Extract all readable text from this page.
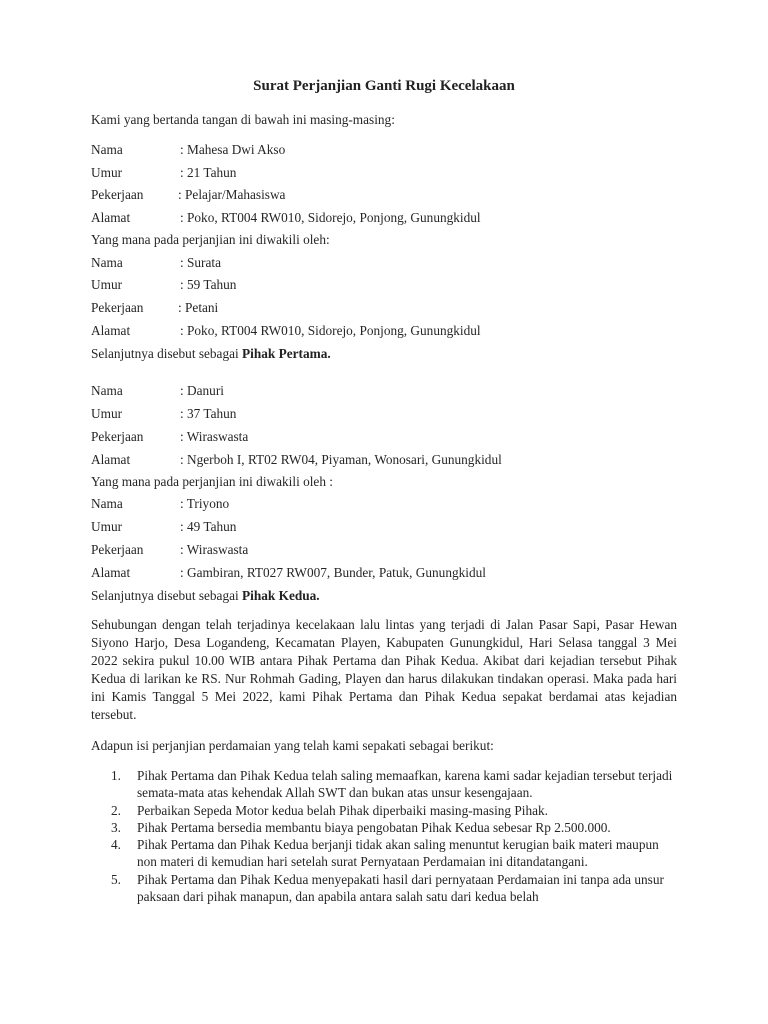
Surat Perjanjian Ganti Rugi Kecelakaan
Kami yang bertanda tangan di bawah ini masing-masing:
Nama	: Mahesa Dwi Akso
Umur	: 21 Tahun
Pekerjaan	: Pelajar/Mahasiswa
Alamat	: Poko, RT004 RW010, Sidorejo, Ponjong, Gunungkidul
Yang mana pada perjanjian ini diwakili oleh:
Nama	: Surata
Umur	: 59 Tahun
Pekerjaan	: Petani
Alamat	: Poko, RT004 RW010, Sidorejo, Ponjong, Gunungkidul
Selanjutnya disebut sebagai Pihak Pertama.
Nama	: Danuri
Umur	: 37 Tahun
Pekerjaan	: Wiraswasta
Alamat	: Ngerboh I, RT02 RW04, Piyaman, Wonosari, Gunungkidul
Yang mana pada perjanjian ini diwakili oleh :
Nama	: Triyono
Umur	: 49 Tahun
Pekerjaan	: Wiraswasta
Alamat	: Gambiran, RT027 RW007, Bunder, Patuk, Gunungkidul
Selanjutnya disebut sebagai Pihak Kedua.
Sehubungan dengan telah terjadinya kecelakaan lalu lintas yang terjadi di Jalan Pasar Sapi, Pasar Hewan Siyono Harjo, Desa Logandeng, Kecamatan Playen, Kabupaten Gunungkidul, Hari Selasa tanggal 3 Mei 2022 sekira pukul 10.00 WIB antara Pihak Pertama dan Pihak Kedua. Akibat dari kejadian tersebut Pihak Kedua di larikan ke RS. Nur Rohmah Gading, Playen dan harus dilakukan tindakan operasi. Maka pada hari ini Kamis Tanggal 5 Mei 2022, kami Pihak Pertama dan Pihak Kedua sepakat berdamai atas kejadian tersebut.
Adapun isi perjanjian perdamaian yang telah kami sepakati sebagai berikut:
1. Pihak Pertama dan Pihak Kedua telah saling memaafkan, karena kami sadar kejadian tersebut terjadi semata-mata atas kehendak Allah SWT dan bukan atas unsur kesengajaan.
2. Perbaikan Sepeda Motor kedua belah Pihak diperbaiki masing-masing Pihak.
3. Pihak Pertama bersedia membantu biaya pengobatan Pihak Kedua sebesar Rp 2.500.000.
4. Pihak Pertama dan Pihak Kedua berjanji tidak akan saling menuntut kerugian baik materi maupun non materi di kemudian hari setelah surat Pernyataan Perdamaian ini ditandatangani.
5. Pihak Pertama dan Pihak Kedua menyepakati hasil dari pernyataan Perdamaian ini tanpa ada unsur paksaan dari pihak manapun, dan apabila antara salah satu dari kedua belah
